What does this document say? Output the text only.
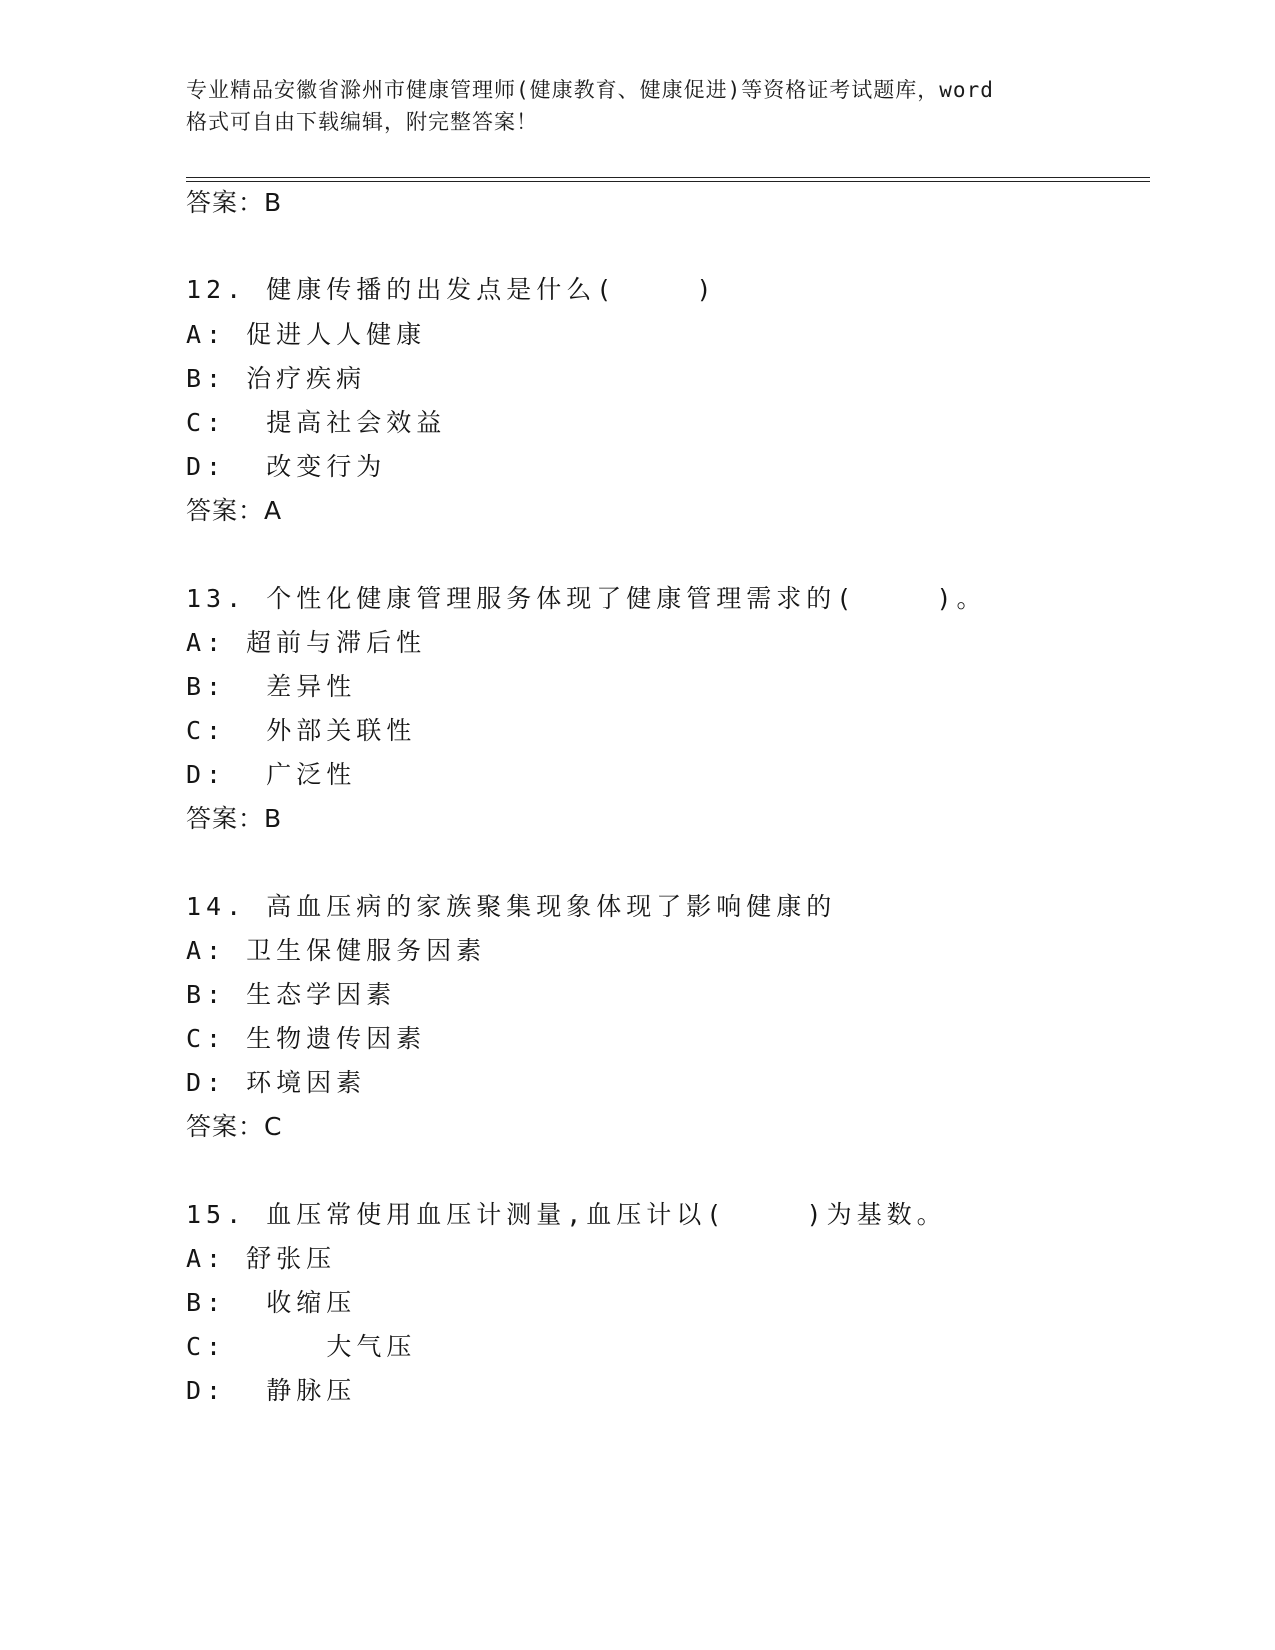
专业精品安徽省滁州市健康管理师(健康教育、健康促进)等资格证考试题库，word
格式可自由下载编辑，附完整答案！
答案：B
12. 健康传播的出发点是什么(    )
A: 促进人人健康
B: 治疗疾病
C:  提高社会效益
D:  改变行为
答案：A
13. 个性化健康管理服务体现了健康管理需求的(    )。
A: 超前与滞后性
B:  差异性
C:  外部关联性
D:  广泛性
答案：B
14. 高血压病的家族聚集现象体现了影响健康的
A: 卫生保健服务因素
B: 生态学因素
C: 生物遗传因素
D: 环境因素
答案：C
15. 血压常使用血压计测量,血压计以(    )为基数。
A: 舒张压
B:  收缩压
C:     大气压
D:  静脉压
